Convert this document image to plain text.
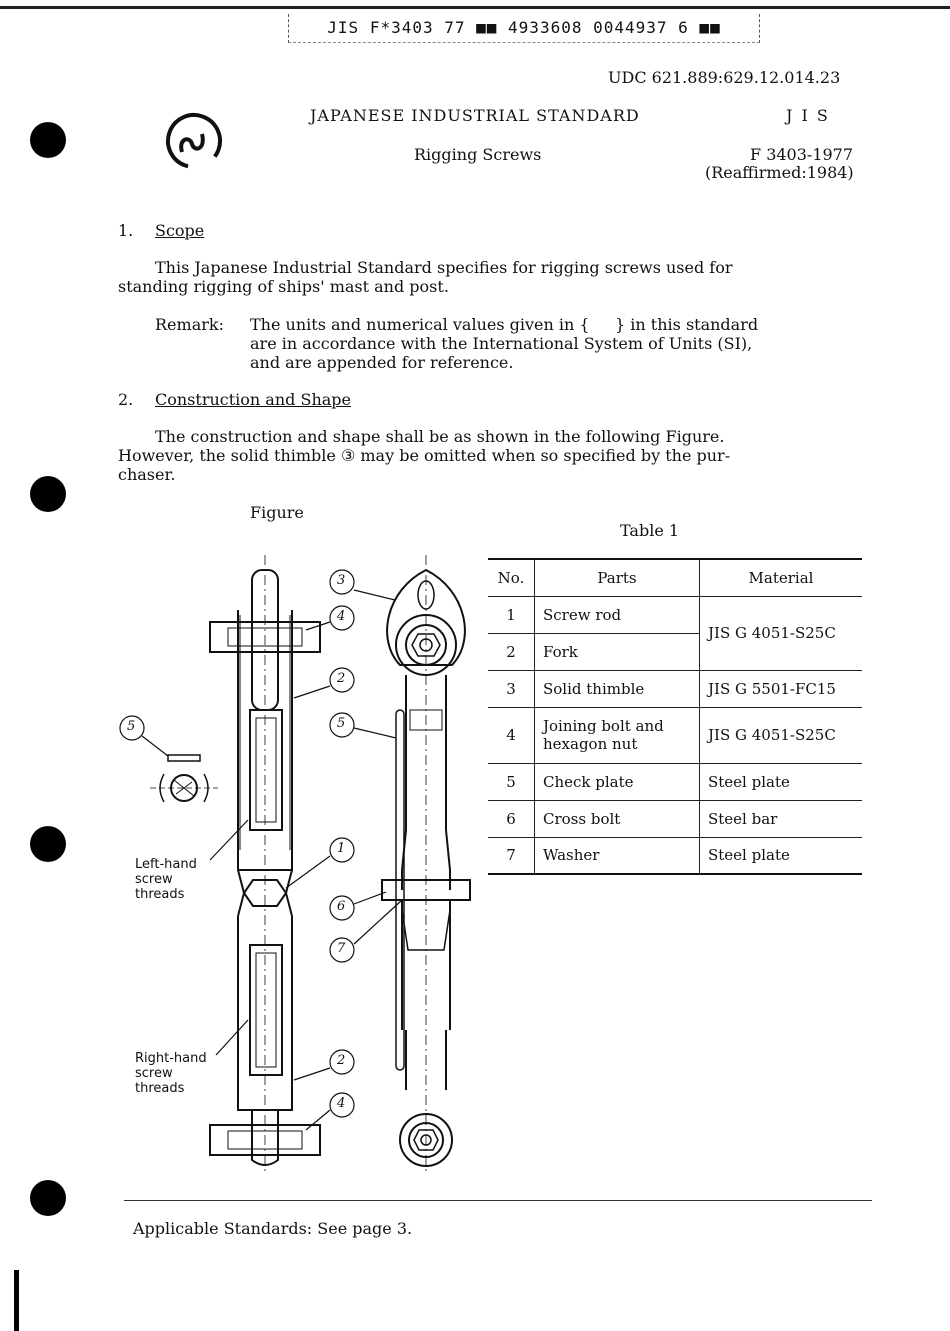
JIS F*3403 77 ■■ 4933608 0044937 6 ■■
UDC 621.889:629.12.014.23
JAPANESE INDUSTRIAL STANDARD	J I S
Rigging Screws	F 3403-1977
(Reaffirmed:1984)
1. Scope
This Japanese Industrial Standard specifies for rigging screws used for
standing rigging of ships' mast and post.
Remark: The units and numerical values given in {     } in this standard
are in accordance with the International System of Units (SI),
and are appended for reference.
2. Construction and Shape
The construction and shape shall be as shown in the following Figure.
However, the solid thimble ③ may be omitted when so specified by the pur-
chaser.
Figure
3
4
2
5
5
1
6
7
2
4
Left-hand
screw
threads
Right-hand
screw
threads
Table 1
No.	Parts	Material
1	Screw rod	JIS G 4051-S25C
2	Fork	
3	Solid thimble	JIS G 5501-FC15
4	Joining bolt and
hexagon nut	JIS G 4051-S25C
5	Check plate	Steel plate
6	Cross bolt	Steel bar
7	Washer	Steel plate
Applicable Standards: See page 3.
